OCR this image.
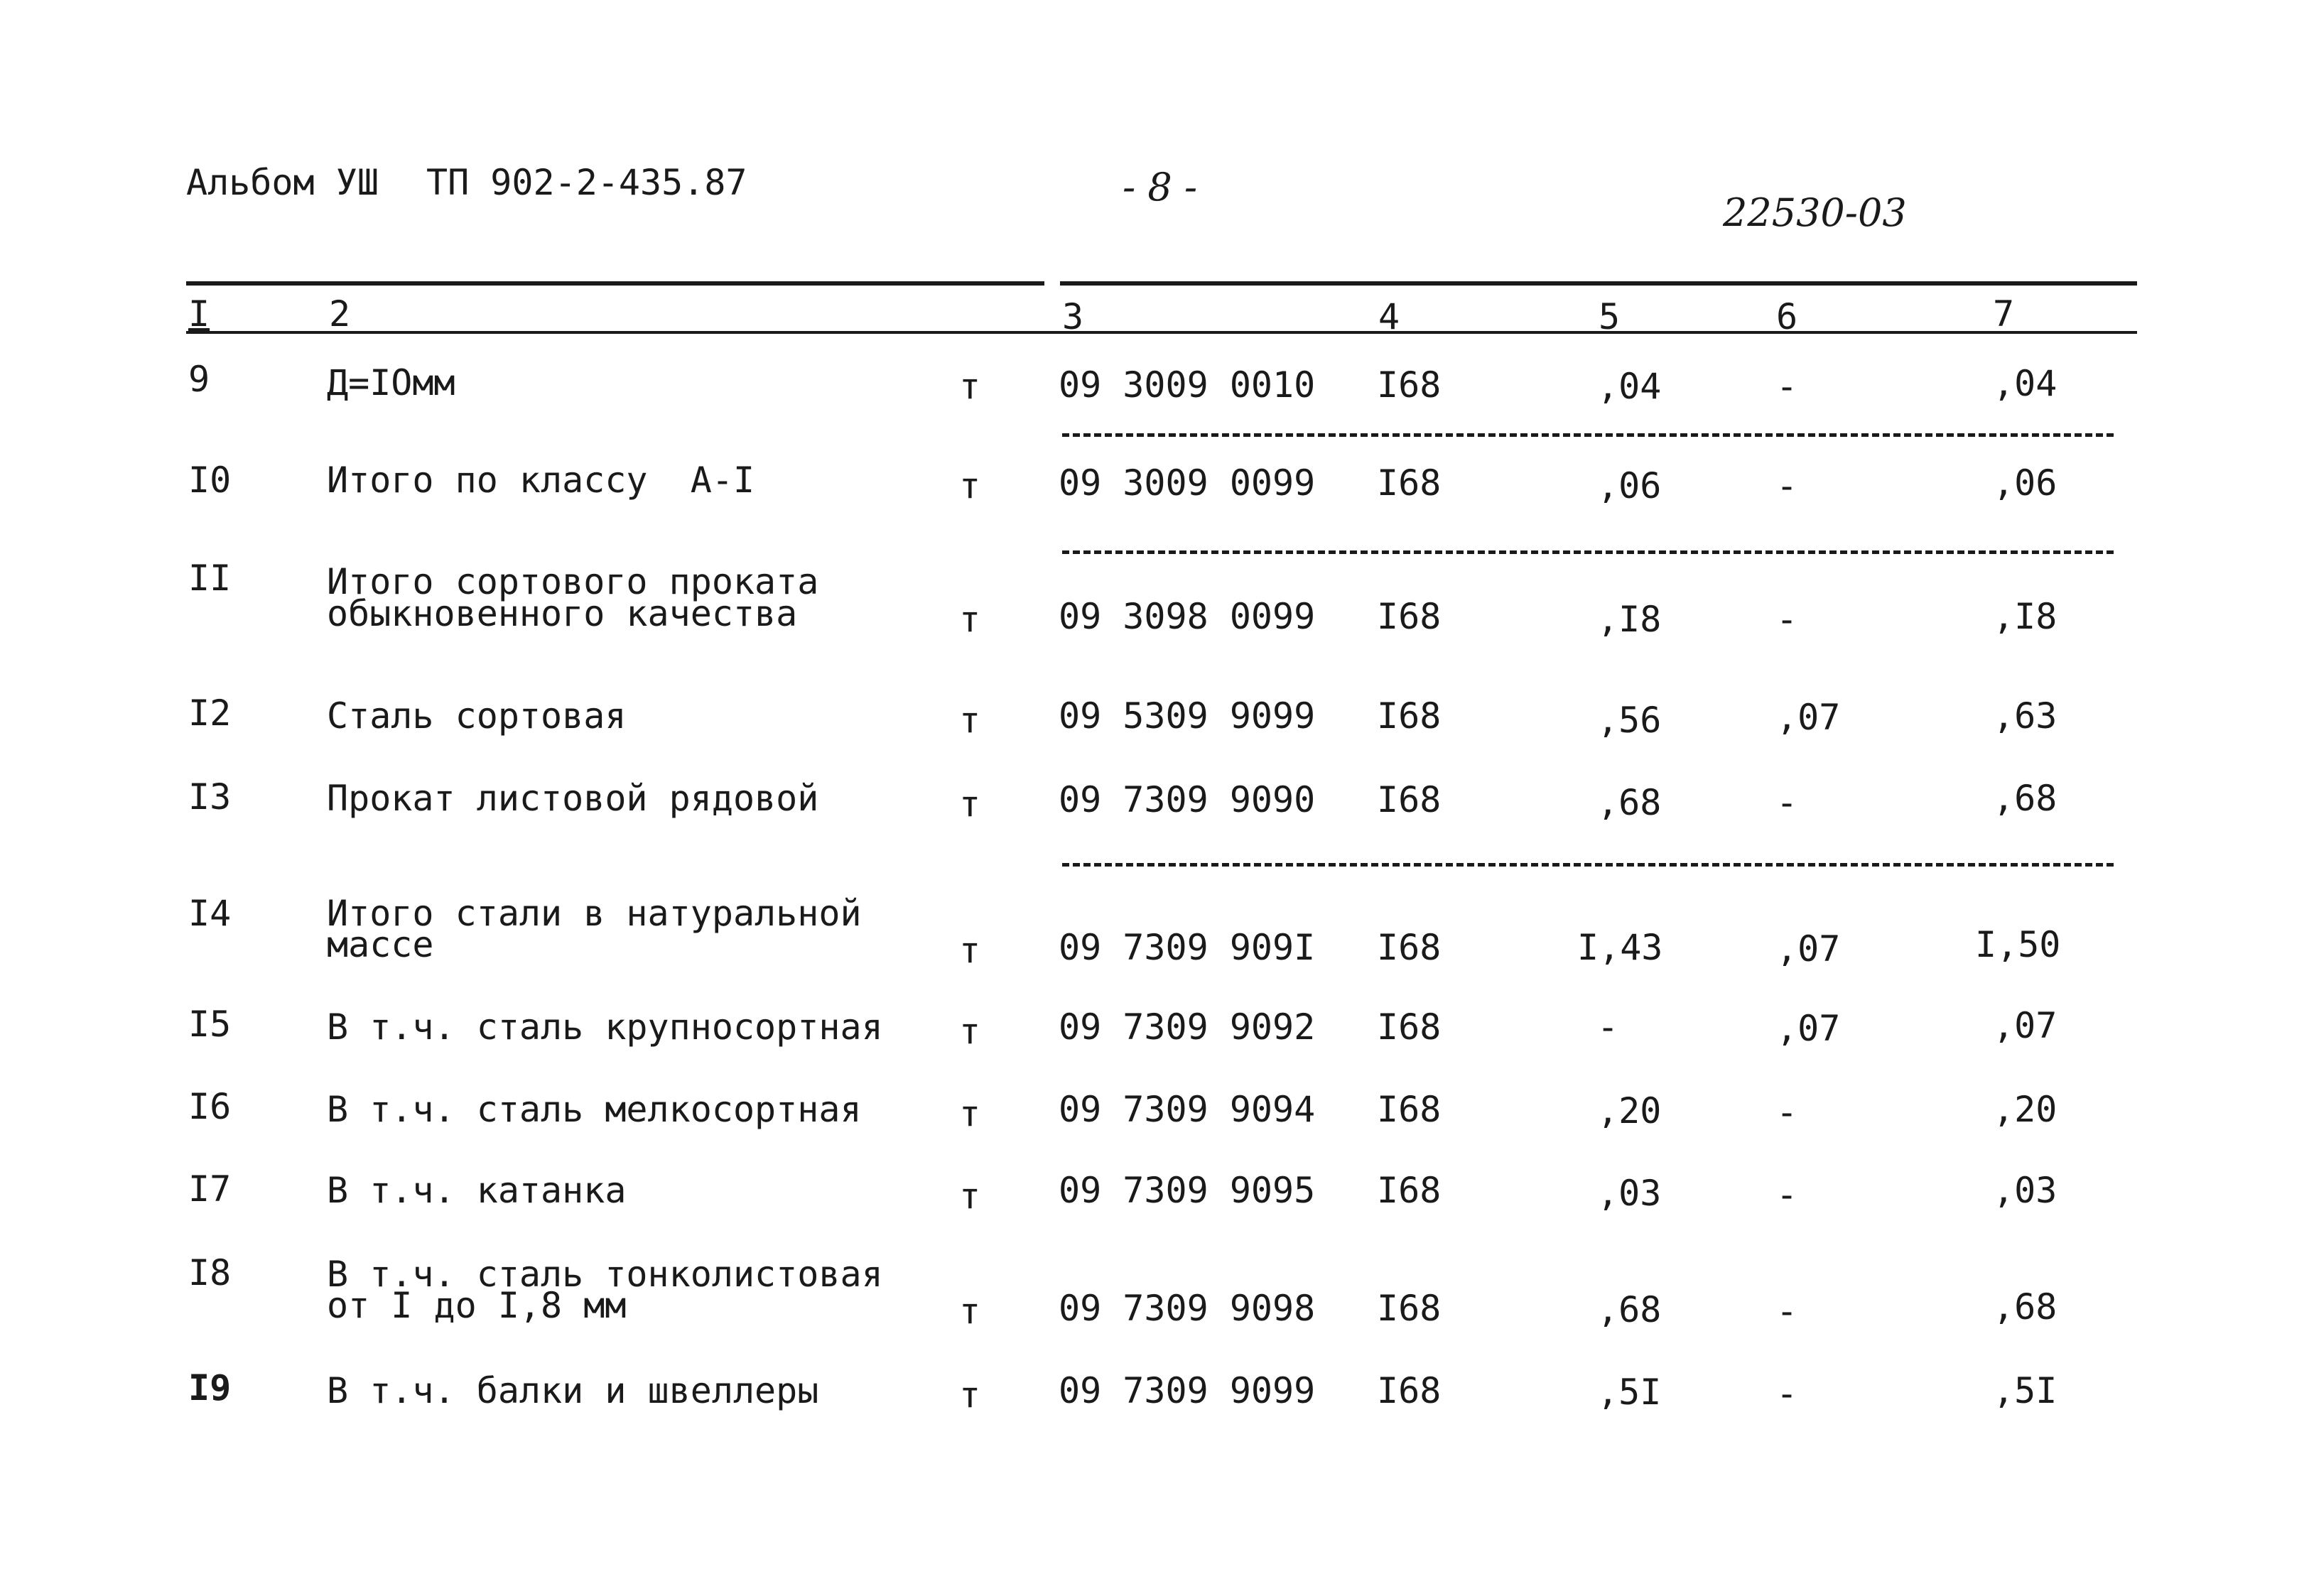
Альбом УШ ТП 902-2-435.87	- 8 -
22530-03
I	2	3	4	5	6	7
9	Д=IОмм	т 09 3009 0010 I68	,04	-	,04
I0	Итого по классу  А-I	т 09 3009 0099 I68	,06	-	,06
II	Итого сортового проката
обыкновенного качества	т 09 3098 0099 I68	,I8	-	,I8
I2	Сталь сортовая	т 09 5309 9099 I68	,56	,07	,63
I3	Прокат листовой рядовой	т 09 7309 9090 I68	,68	-	,68
I4	Итого стали в натуральной
массе	т 09 7309 909I I68	I,43	,07	I,50
I5	В т.ч. сталь крупносортная т 09 7309 9092 I68	-	,07	,07
I6	В т.ч. сталь мелкосортная	т 09 7309 9094 I68	,20	-	,20
I7	В т.ч. катанка	т 09 7309 9095 I68	,03	-	,03
I8	В т.ч. сталь тонколистовая
от I до I,8 мм	т 09 7309 9098 I68	,68	-	,68
I9	В т.ч. балки и швеллеры	т 09 7309 9099 I68	,5I	-	,5I
